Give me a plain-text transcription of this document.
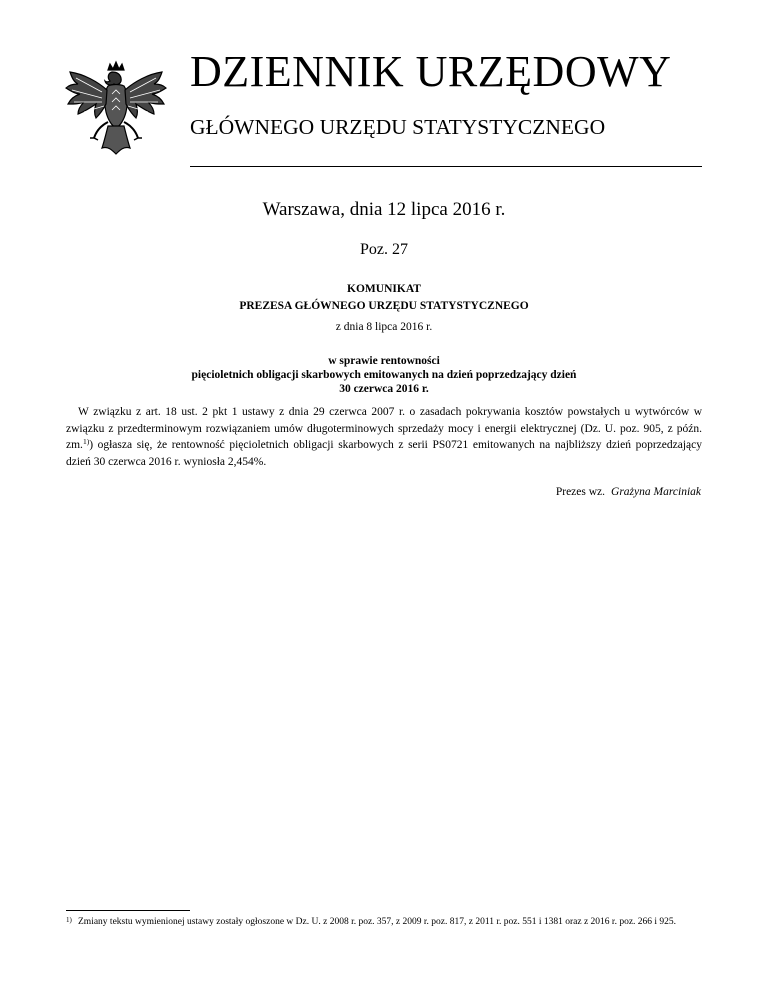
DZIENNIK URZĘDOWY
GŁÓWNEGO URZĘDU STATYSTYCZNEGO
Warszawa, dnia 12 lipca 2016 r.
Poz. 27
KOMUNIKAT
PREZESA GŁÓWNEGO URZĘDU STATYSTYCZNEGO
z dnia 8 lipca 2016 r.
w sprawie rentowności
pięcioletnich obligacji skarbowych emitowanych na dzień poprzedzający dzień
30 czerwca 2016 r.
W związku z art. 18 ust. 2 pkt 1 ustawy z dnia 29 czerwca 2007 r. o zasadach pokrywania kosztów powstałych u wytwórców w związku z przedterminowym rozwiązaniem umów długoterminowych sprzedaży mocy i energii elektrycznej (Dz. U. poz. 905, z późn. zm.$^{1)}$) ogłasza się, że rentowność pięcioletnich obligacji skarbowych z serii PS0721 emitowanych na najbliższy dzień poprzedzający dzień 30 czerwca 2016 r. wyniosła 2,454%.
Prezes wz. Grażyna Marciniak
1) Zmiany tekstu wymienionej ustawy zostały ogłoszone w Dz. U. z 2008 r. poz. 357, z 2009 r. poz. 817, z 2011 r. poz. 551 i 1381 oraz z 2016 r. poz. 266 i 925.
